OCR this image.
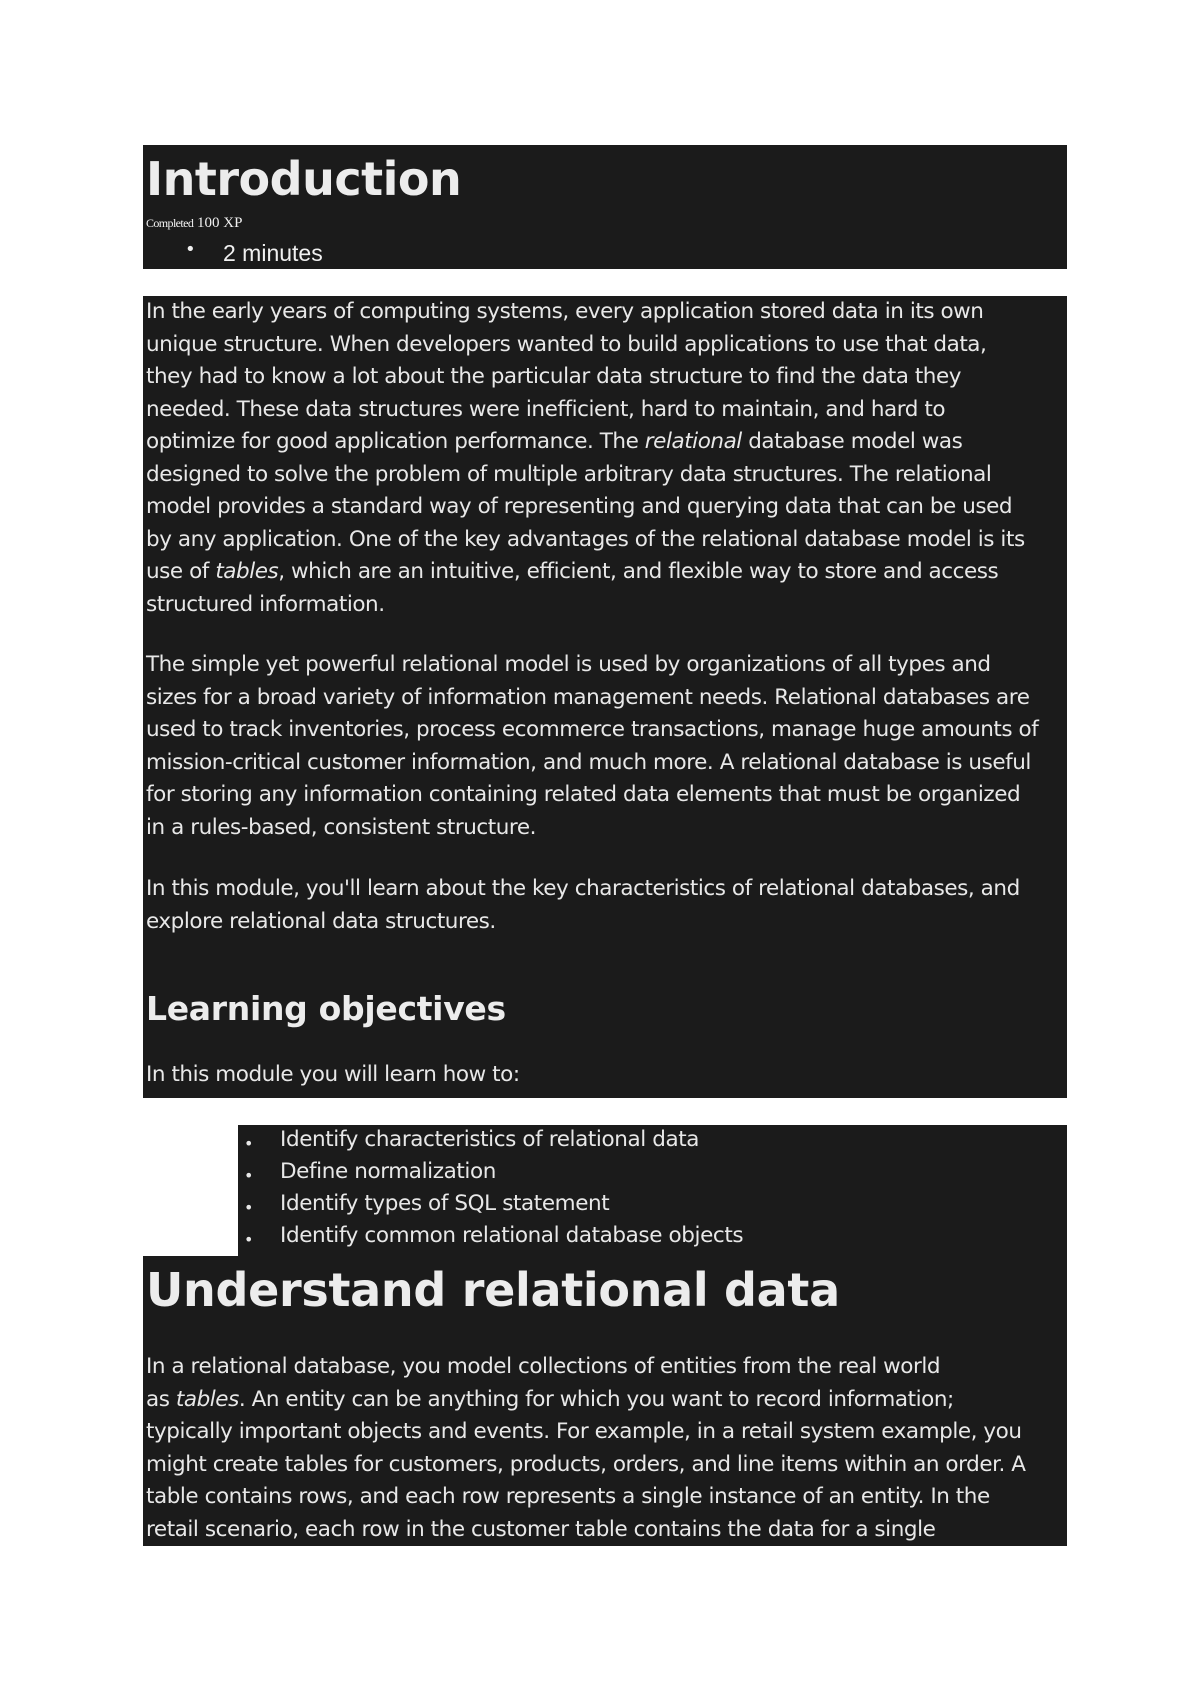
Introduction
Completed 100 XP
• 2 minutes

In the early years of computing systems, every application stored data in its own

unique structure. When developers wanted to build applications to use that data,

they had to know a lot about the particular data structure to find the data they

needed. These data structures were inefficient, hard to maintain, and hard to

optimize for good application performance. The relational database model was

designed to solve the problem of multiple arbitrary data structures. The relational

model provides a standard way of representing and querying data that can be used

by any application. One of the key advantages of the relational database model is its

use of tables, which are an intuitive, efficient, and flexible way to store and access

structured information.

The simple yet powerful relational model is used by organizations of all types and

sizes for a broad variety of information management needs. Relational databases are

used to track inventories, process ecommerce transactions, manage huge amounts of

mission-critical customer information, and much more. A relational database is useful

for storing any information containing related data elements that must be organized

in a rules-based, consistent structure.

In this module, you'll learn about the key characteristics of relational databases, and

explore relational data structures.

Learning objectives

In this module you will learn how to:

• Identify characteristics of relational data
• Define normalization
• Identify types of SQL statement
• Identify common relational database objects
Understand relational data

In a relational database, you model collections of entities from the real world

as tables. An entity can be anything for which you want to record information;

typically important objects and events. For example, in a retail system example, you

might create tables for customers, products, orders, and line items within an order. A

table contains rows, and each row represents a single instance of an entity. In the

retail scenario, each row in the customer table contains the data for a single
